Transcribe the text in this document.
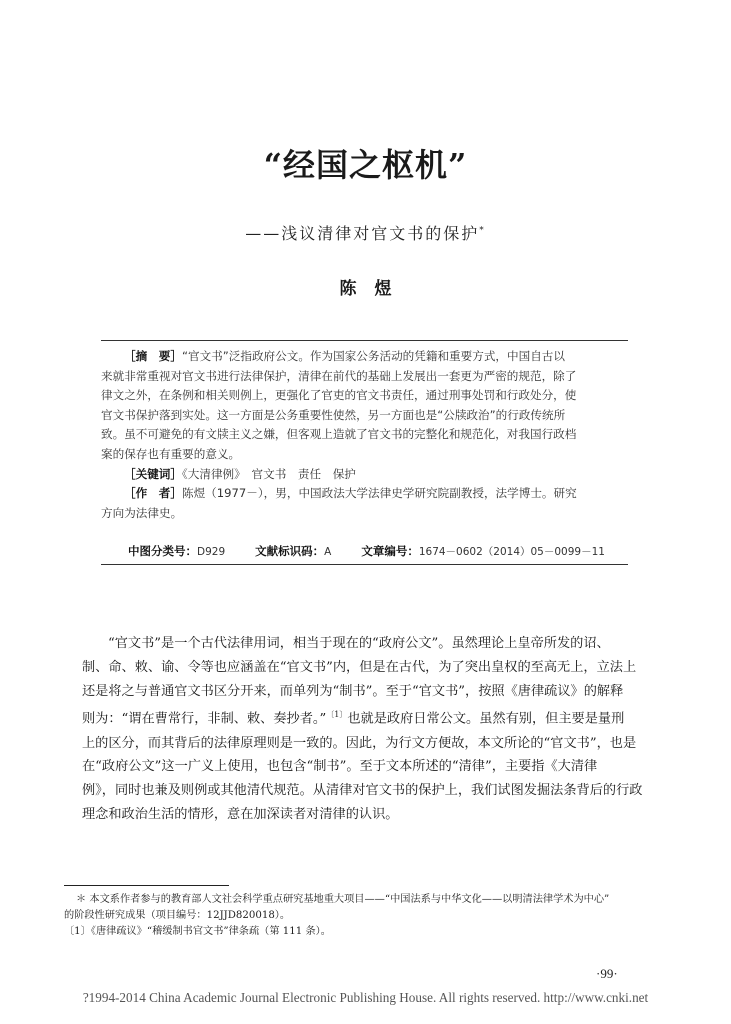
“经国之枢机”
——浅议清律对官文书的保护*
陈煜

［摘　要］“官文书”泛指政府公文。作为国家公务活动的凭籍和重要方式，中国自古以

来就非常重视对官文书进行法律保护，清律在前代的基础上发展出一套更为严密的规范，除了

律文之外，在条例和相关则例上，更强化了官吏的官文书责任，通过刑事处罚和行政处分，使

官文书保护落到实处。这一方面是公务重要性使然，另一方面也是“公牍政治”的行政传统所

致。虽不可避免的有文牍主义之嫌，但客观上造就了官文书的完整化和规范化，对我国行政档

案的保存也有重要的意义。

［关键词］《大清律例》　官文书　责任　保护

［作　者］陈煜（1977－），男，中国政法大学法律史学研究院副教授，法学博士。研究

方向为法律史。

中图分类号：D929	文献标识码：A	文章编号：1674－0602（2014）05－0099－11

“官文书”是一个古代法律用词，相当于现在的“政府公文”。虽然理论上皇帝所发的诏、

制、命、敕、谕、令等也应涵盖在“官文书”内，但是在古代，为了突出皇权的至高无上，立法上

还是将之与普通官文书区分开来，而单列为“制书”。至于“官文书”，按照《唐律疏议》的解释

则为：“谓在曹常行，非制、敕、奏抄者。”$^{〔1〕}$也就是政府日常公文。虽然有别，但主要是量刑

上的区分，而其背后的法律原理则是一致的。因此，为行文方便故，本文所论的“官文书”，也是

在“政府公文”这一广义上使用，也包含“制书”。至于文本所述的“清律”，主要指《大清律

例》，同时也兼及则例或其他清代规范。从清律对官文书的保护上，我们试图发掘法条背后的行政

理念和政治生活的情形，意在加深读者对清律的认识。

＊ 本文系作者参与的教育部人文社会科学重点研究基地重大项目——“中国法系与中华文化——以明清法律学术为中心”

的阶段性研究成果（项目编号：12JJD820018）。

〔1〕《唐律疏议》“稽缓制书官文书”律条疏（第 111 条）。

·99·
?1994-2014 China Academic Journal Electronic Publishing House. All rights reserved. http://www.cnki.net
